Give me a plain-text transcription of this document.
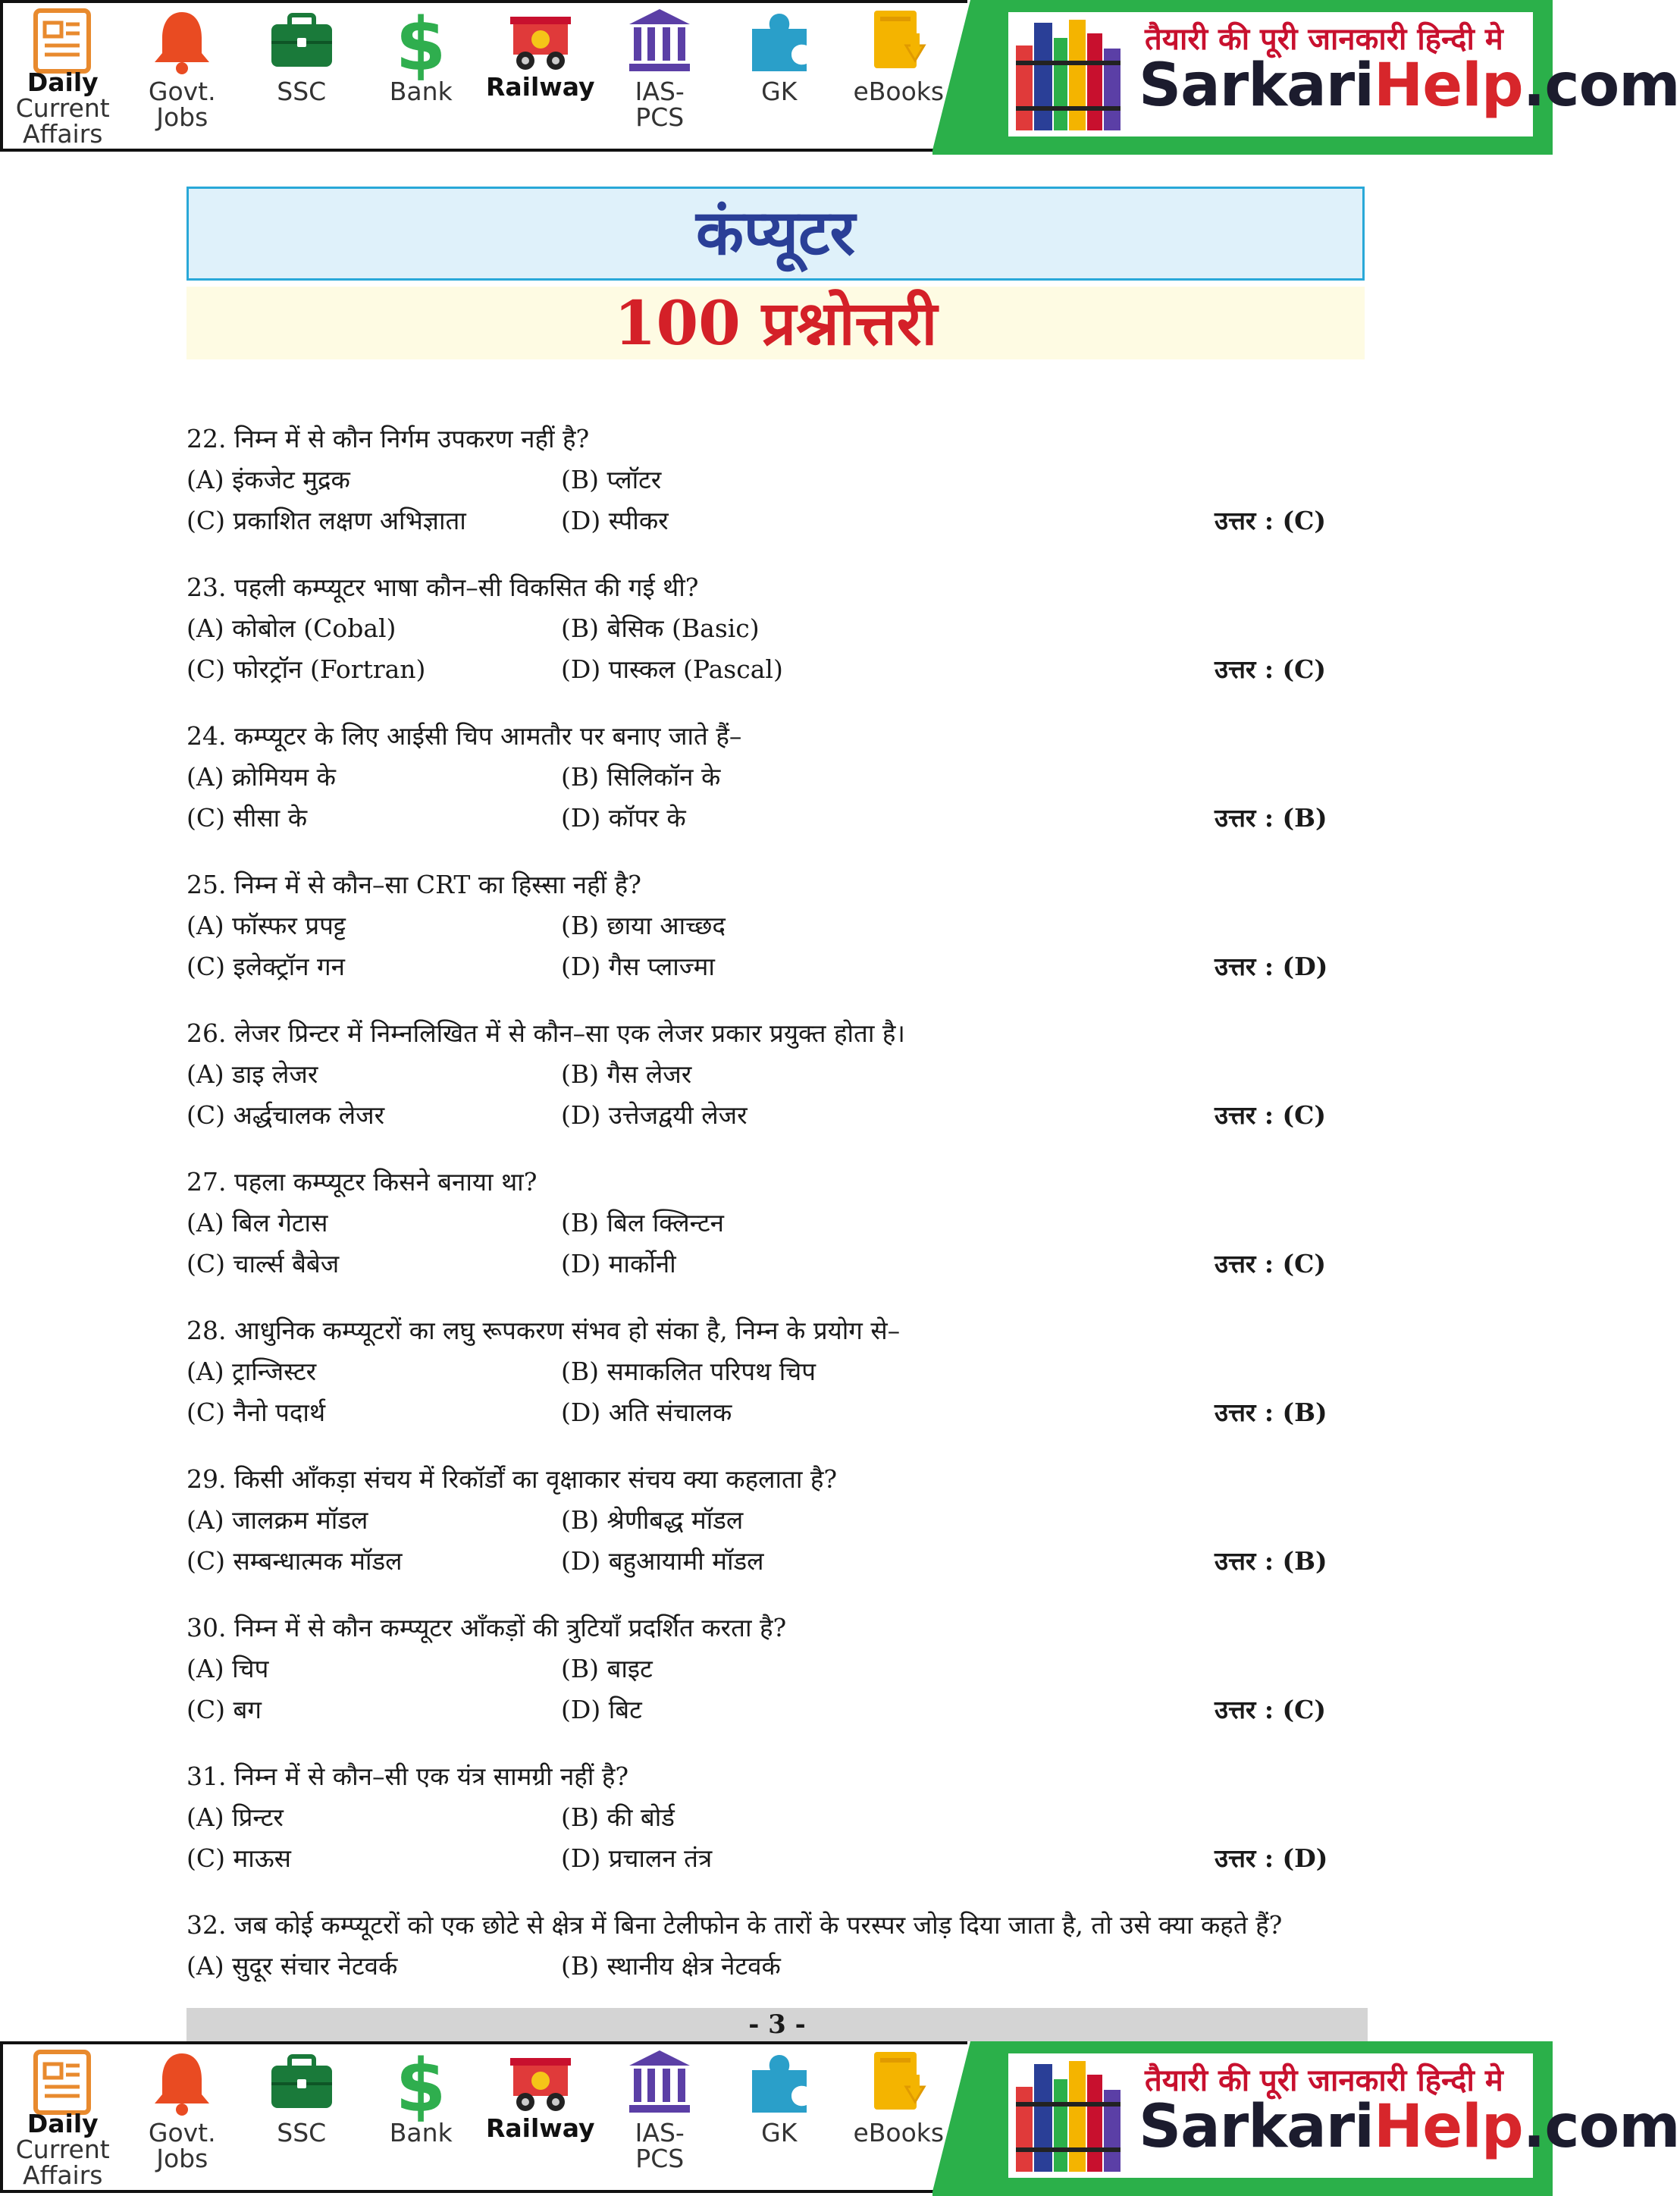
Daily
Current
Affairs
Govt.
Jobs
SSC
$
Bank	Railway	IAS-
PCS
GK	eBooks
तैयारी की पूरी जानकारी हिन्दी मे
SarkariHelp.com
कंप्यूटर
100 प्रश्नोत्तरी
22. निम्न में से कौन निर्गम उपकरण नहीं है?
(A) इंकजेट मुद्रक	(B) प्लॉटर
(C) प्रकाशित लक्षण अभिज्ञाता	(D) स्पीकर	उत्तर : (C)
23. पहली कम्प्यूटर भाषा कौन–सी विकसित की गई थी?
(A) कोबोल (Cobal)	(B) बेसिक (Basic)
(C) फोरट्रॉन (Fortran)	(D) पास्कल (Pascal)	उत्तर : (C)
24. कम्प्यूटर के लिए आईसी चिप आमतौर पर बनाए जाते हैं–
(A) क्रोमियम के	(B) सिलिकॉन के
(C) सीसा के	(D) कॉपर के	उत्तर : (B)
25. निम्न में से कौन–सा CRT का हिस्सा नहीं है?
(A) फॉस्फर प्रपट्ट	(B) छाया आच्छद
(C) इलेक्ट्रॉन गन	(D) गैस प्लाज्मा	उत्तर : (D)
26. लेजर प्रिन्टर में निम्नलिखित में से कौन–सा एक लेजर प्रकार प्रयुक्त होता है।
(A) डाइ लेजर	(B) गैस लेजर
(C) अर्द्धचालक लेजर	(D) उत्तेजद्वयी लेजर	उत्तर : (C)
27. पहला कम्प्यूटर किसने बनाया था?
(A) बिल गेटास	(B) बिल क्लिन्टन
(C) चार्ल्स बैबेज	(D) मार्कोनी	उत्तर : (C)
28. आधुनिक कम्प्यूटरों का लघु रूपकरण संभव हो संका है, निम्न के प्रयोग से–
(A) ट्रान्जिस्टर	(B) समाकलित परिपथ चिप
(C) नैनो पदार्थ	(D) अति संचालक	उत्तर : (B)
29. किसी आँकड़ा संचय में रिकॉर्डों का वृक्षाकार संचय क्या कहलाता है?
(A) जालक्रम मॉडल	(B) श्रेणीबद्ध मॉडल
(C) सम्बन्धात्मक मॉडल	(D) बहुआयामी मॉडल	उत्तर : (B)
30. निम्न में से कौन कम्प्यूटर आँकड़ों की त्रुटियाँ प्रदर्शित करता है?
(A) चिप	(B) बाइट
(C) बग	(D) बिट	उत्तर : (C)
31. निम्न में से कौन–सी एक यंत्र सामग्री नहीं है?
(A) प्रिन्टर	(B) की बोर्ड
(C) माऊस	(D) प्रचालन तंत्र	उत्तर : (D)
32. जब कोई कम्प्यूटरों को एक छोटे से क्षेत्र में बिना टेलीफोन के तारों के परस्पर जोड़ दिया जाता है, तो उसे क्या कहते हैं?
(A) सुदूर संचार नेटवर्क	(B) स्थानीय क्षेत्र नेटवर्क
- 3 -
Daily
Current
Affairs
Govt.
Jobs
SSC
$
Bank	Railway	IAS-
PCS
GK	eBooks
तैयारी की पूरी जानकारी हिन्दी मे
SarkariHelp.com
